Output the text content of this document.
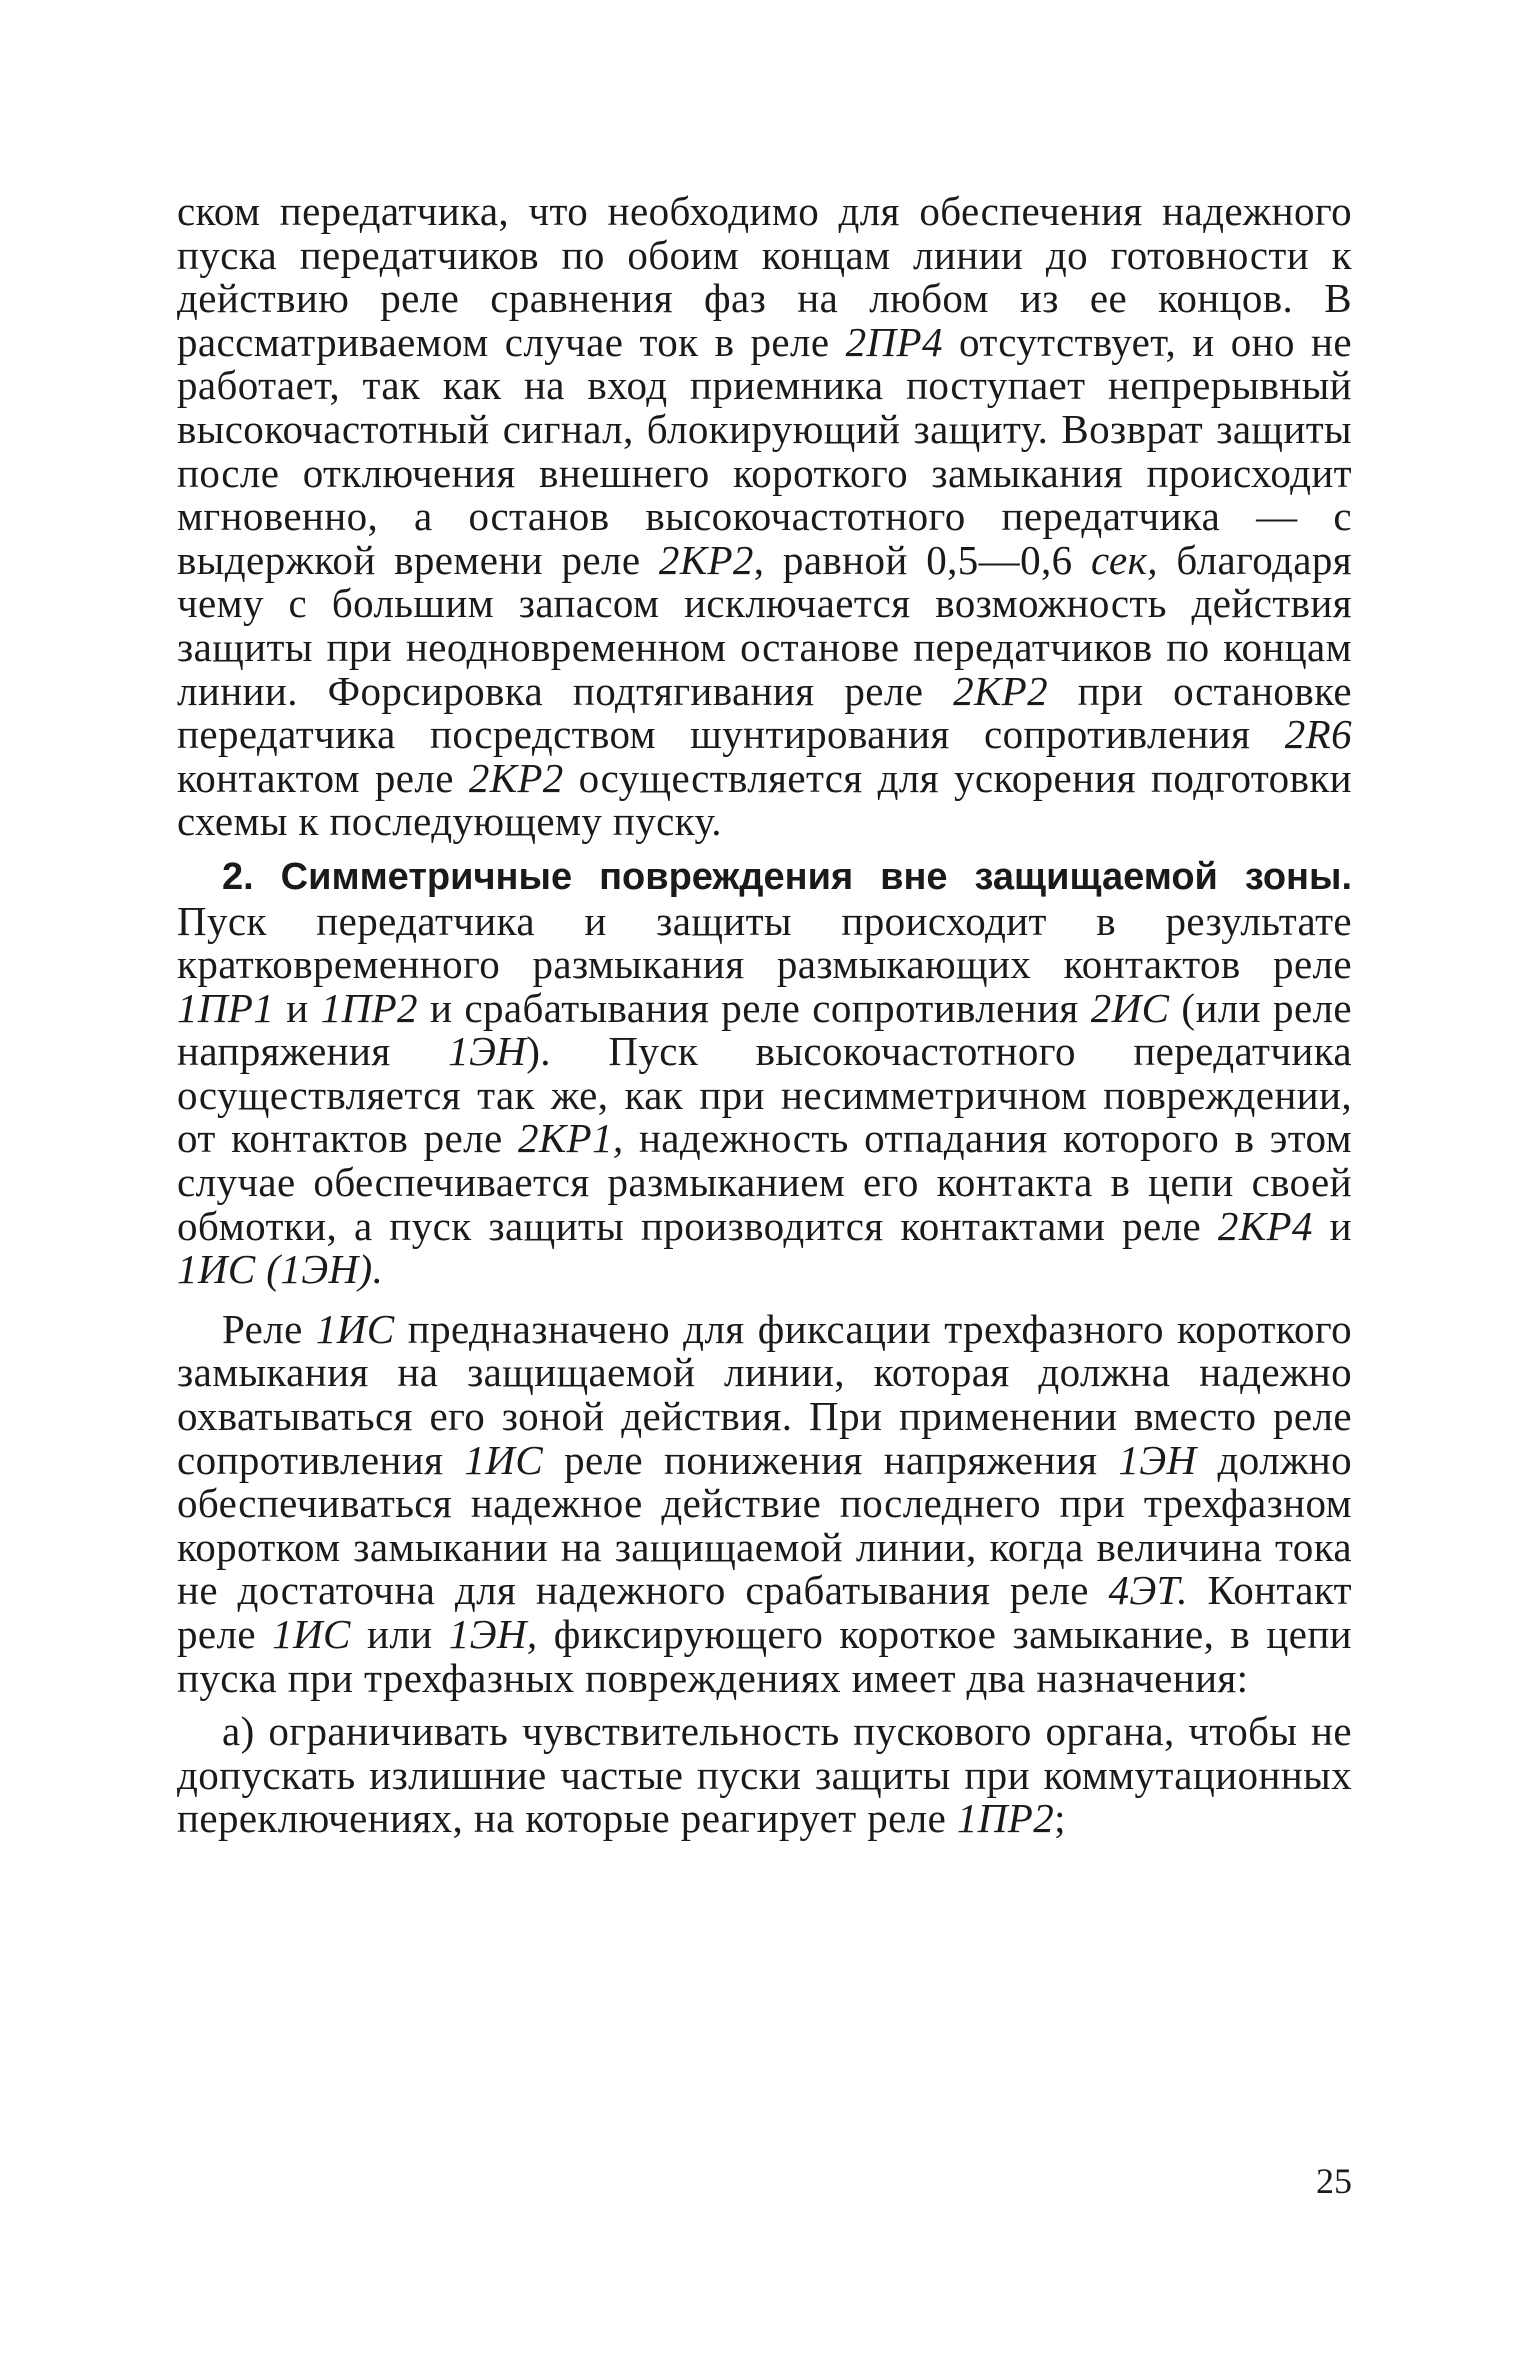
ском передатчика, что необходимо для обеспечения надежного пуска передатчиков по обоим концам линии до готовности к действию реле сравнения фаз на любом из ее концов. В рассматриваемом случае ток в реле 2ПР4 отсутствует, и оно не работает, так как на вход приемника поступает непрерывный высокочастотный сигнал, блокирующий защиту. Возврат защиты после отключения внешнего короткого замыкания происходит мгновенно, а останов высокочастотного передатчика — с выдержкой времени реле 2КР2, равной 0,5—0,6 сек, благодаря чему с большим запасом исключается возможность действия защиты при неодновременном останове передатчиков по концам линии. Форсировка подтягивания реле 2КР2 при остановке передатчика посредством шунтирования сопротивления 2R6 контактом реле 2КР2 осуществляется для ускорения подготовки схемы к последующему пуску.

2. Симметричные повреждения вне защищаемой зоны. Пуск передатчика и защиты происходит в результате кратковременного размыкания размыкающих контактов реле 1ПР1 и 1ПР2 и срабатывания реле сопротивления 2ИС (или реле напряжения 1ЭН). Пуск высокочастотного передатчика осуществляется так же, как при несимметричном повреждении, от контактов реле 2КР1, надежность отпадания которого в этом случае обеспечивается размыканием его контакта в цепи своей обмотки, а пуск защиты производится контактами реле 2КР4 и 1ИС (1ЭН).

Реле 1ИС предназначено для фиксации трехфазного короткого замыкания на защищаемой линии, которая должна надежно охватываться его зоной действия. При применении вместо реле сопротивления 1ИС реле понижения напряжения 1ЭН должно обеспечиваться надежное действие последнего при трехфазном коротком замыкании на защищаемой линии, когда величина тока не достаточна для надежного срабатывания реле 4ЭТ. Контакт реле 1ИС или 1ЭН, фиксирующего короткое замыкание, в цепи пуска при трехфазных повреждениях имеет два назначения:

а) ограничивать чувствительность пускового органа, чтобы не допускать излишние частые пуски защиты при коммутационных переключениях, на которые реагирует реле 1ПР2;

25
